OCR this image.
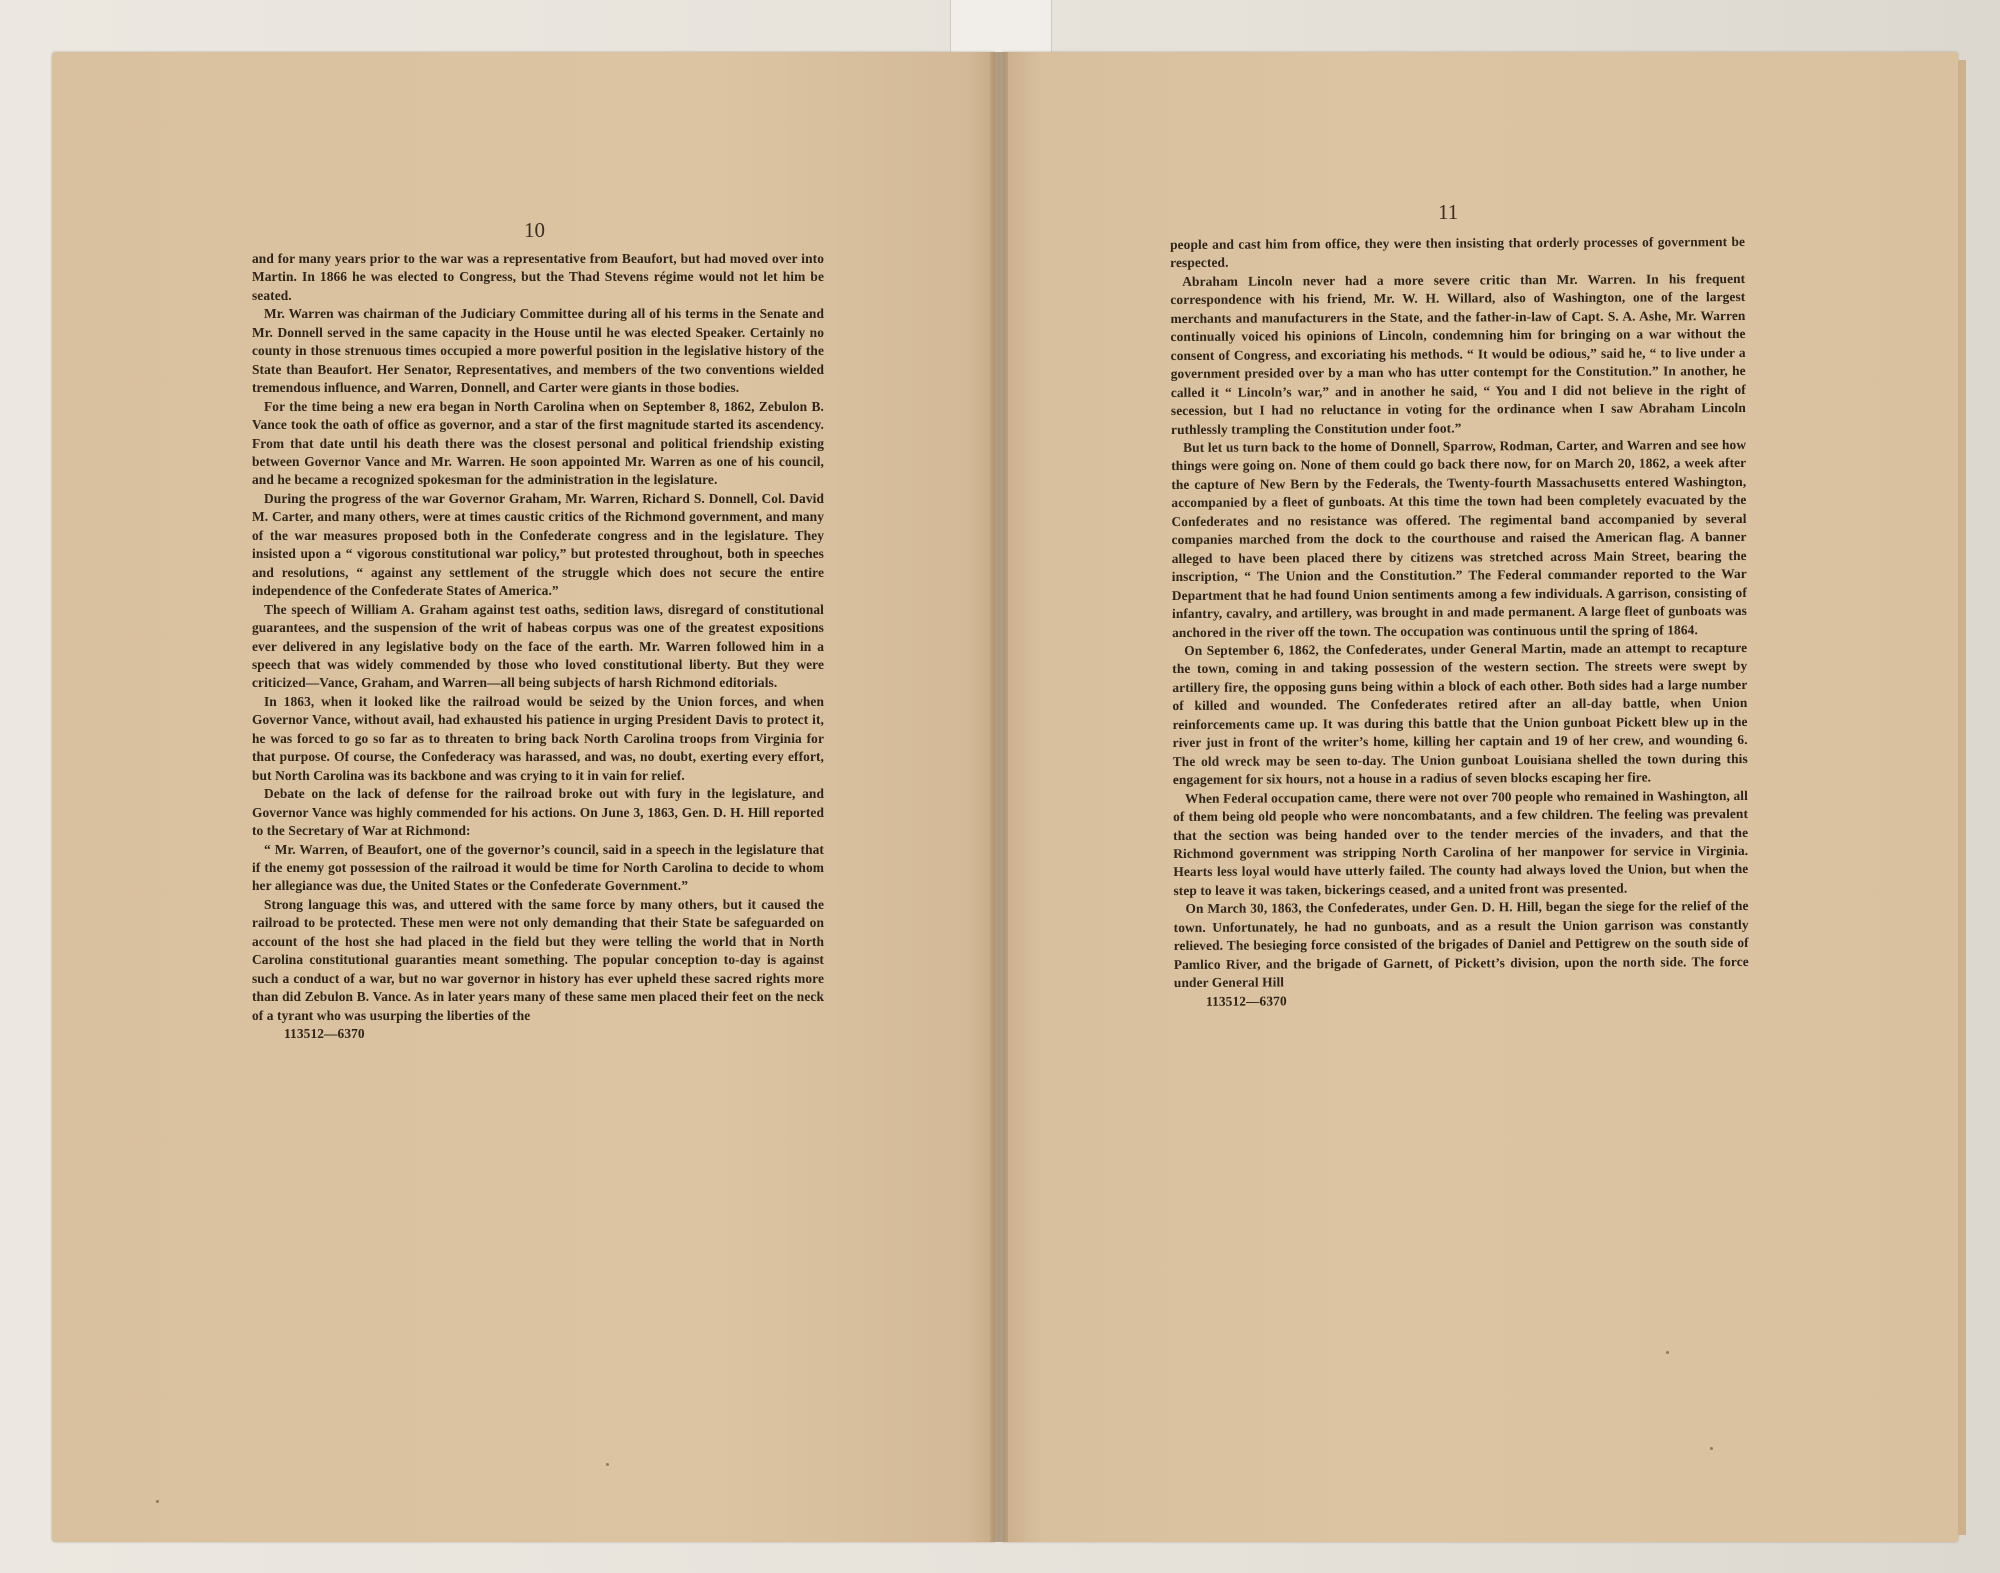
10
11

and for many years prior to the war was a representative from Beaufort, but had moved over into Martin. In 1866 he was elected to Congress, but the Thad Stevens régime would not let him be seated.

Mr. Warren was chairman of the Judiciary Committee during all of his terms in the Senate and Mr. Donnell served in the same capacity in the House until he was elected Speaker. Certainly no county in those strenuous times occupied a more powerful position in the legislative history of the State than Beaufort. Her Senator, Representatives, and members of the two conventions wielded tremendous influence, and Warren, Donnell, and Carter were giants in those bodies.

For the time being a new era began in North Carolina when on September 8, 1862, Zebulon B. Vance took the oath of office as governor, and a star of the first magnitude started its ascendency. From that date until his death there was the closest personal and political friendship existing between Governor Vance and Mr. Warren. He soon appointed Mr. Warren as one of his council, and he became a recognized spokesman for the administration in the legislature.

During the progress of the war Governor Graham, Mr. Warren, Richard S. Donnell, Col. David M. Carter, and many others, were at times caustic critics of the Richmond government, and many of the war measures proposed both in the Confederate congress and in the legislature. They insisted upon a “ vigorous constitutional war policy,” but protested throughout, both in speeches and resolutions, “ against any settlement of the struggle which does not secure the entire independence of the Confederate States of America.”

The speech of William A. Graham against test oaths, sedition laws, disregard of constitutional guarantees, and the suspension of the writ of habeas corpus was one of the greatest expositions ever delivered in any legislative body on the face of the earth. Mr. Warren followed him in a speech that was widely commended by those who loved constitutional liberty. But they were criticized—Vance, Graham, and Warren—all being subjects of harsh Richmond editorials.

In 1863, when it looked like the railroad would be seized by the Union forces, and when Governor Vance, without avail, had exhausted his patience in urging President Davis to protect it, he was forced to go so far as to threaten to bring back North Carolina troops from Virginia for that purpose. Of course, the Confederacy was harassed, and was, no doubt, exerting every effort, but North Carolina was its backbone and was crying to it in vain for relief.

Debate on the lack of defense for the railroad broke out with fury in the legislature, and Governor Vance was highly commended for his actions. On June 3, 1863, Gen. D. H. Hill reported to the Secretary of War at Richmond:

“ Mr. Warren, of Beaufort, one of the governor’s council, said in a speech in the legislature that if the enemy got possession of the railroad it would be time for North Carolina to decide to whom her allegiance was due, the United States or the Confederate Government.”

Strong language this was, and uttered with the same force by many others, but it caused the railroad to be protected. These men were not only demanding that their State be safeguarded on account of the host she had placed in the field but they were telling the world that in North Carolina constitutional guaranties meant something. The popular conception to-day is against such a conduct of a war, but no war governor in history has ever upheld these sacred rights more than did Zebulon B. Vance. As in later years many of these same men placed their feet on the neck of a tyrant who was usurping the liberties of the

113512—6370

people and cast him from office, they were then insisting that orderly processes of government be respected.

Abraham Lincoln never had a more severe critic than Mr. Warren. In his frequent correspondence with his friend, Mr. W. H. Willard, also of Washington, one of the largest merchants and manufacturers in the State, and the father-in-law of Capt. S. A. Ashe, Mr. Warren continually voiced his opinions of Lincoln, condemning him for bringing on a war without the consent of Congress, and excoriating his methods. “ It would be odious,” said he, “ to live under a government presided over by a man who has utter contempt for the Constitution.” In another, he called it “ Lincoln’s war,” and in another he said, “ You and I did not believe in the right of secession, but I had no reluctance in voting for the ordinance when I saw Abraham Lincoln ruthlessly trampling the Constitution under foot.”

But let us turn back to the home of Donnell, Sparrow, Rodman, Carter, and Warren and see how things were going on. None of them could go back there now, for on March 20, 1862, a week after the capture of New Bern by the Federals, the Twenty-fourth Massachusetts entered Washington, accompanied by a fleet of gunboats. At this time the town had been completely evacuated by the Confederates and no resistance was offered. The regimental band accompanied by several companies marched from the dock to the courthouse and raised the American flag. A banner alleged to have been placed there by citizens was stretched across Main Street, bearing the inscription, “ The Union and the Constitution.” The Federal commander reported to the War Department that he had found Union sentiments among a few individuals. A garrison, consisting of infantry, cavalry, and artillery, was brought in and made permanent. A large fleet of gunboats was anchored in the river off the town. The occupation was continuous until the spring of 1864.

On September 6, 1862, the Confederates, under General Martin, made an attempt to recapture the town, coming in and taking possession of the western section. The streets were swept by artillery fire, the opposing guns being within a block of each other. Both sides had a large number of killed and wounded. The Confederates retired after an all-day battle, when Union reinforcements came up. It was during this battle that the Union gunboat Pickett blew up in the river just in front of the writer’s home, killing her captain and 19 of her crew, and wounding 6. The old wreck may be seen to-day. The Union gunboat Louisiana shelled the town during this engagement for six hours, not a house in a radius of seven blocks escaping her fire.

When Federal occupation came, there were not over 700 people who remained in Washington, all of them being old people who were noncombatants, and a few children. The feeling was prevalent that the section was being handed over to the tender mercies of the invaders, and that the Richmond government was stripping North Carolina of her manpower for service in Virginia. Hearts less loyal would have utterly failed. The county had always loved the Union, but when the step to leave it was taken, bickerings ceased, and a united front was presented.

On March 30, 1863, the Confederates, under Gen. D. H. Hill, began the siege for the relief of the town. Unfortunately, he had no gunboats, and as a result the Union garrison was constantly relieved. The besieging force consisted of the brigades of Daniel and Pettigrew on the south side of Pamlico River, and the brigade of Garnett, of Pickett’s division, upon the north side. The force under General Hill

113512—6370
